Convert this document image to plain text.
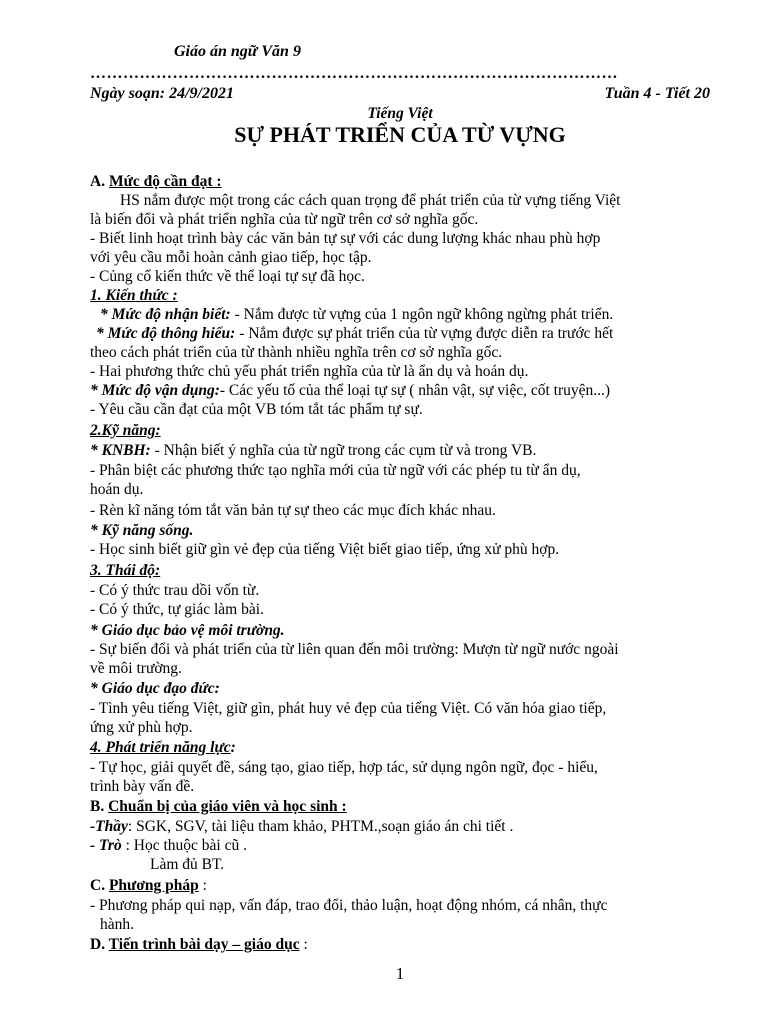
Giáo án ngữ Văn 9
……………………………………………………………………………………
Ngày soạn: 24/9/2021	Tuần 4 - Tiết 20
Tiếng Việt
SỰ PHÁT TRIỂN CỦA TỪ VỰNG
A. Mức độ cần đạt :
HS nắm được một trong các cách quan trọng để phát triển của từ vựng tiếng Việt
là biến đổi và phát triển nghĩa của từ ngữ trên cơ sở nghĩa gốc.
- Biết linh hoạt trình bày các văn bản tự sự với các dung lượng khác nhau phù hợp
với yêu cầu mỗi hoàn cảnh giao tiếp, học tập.
- Củng cố kiến thức về thể loại tự sự đã học.
1. Kiến thức :
* Mức độ nhận biết: - Nắm được từ vựng của 1 ngôn ngữ không ngừng phát triển.
* Mức độ thông hiểu: - Nắm được sự phát triển của từ vựng được diễn ra trước hết
theo cách phát triển của từ thành nhiều nghĩa trên cơ sở nghĩa gốc.
- Hai phương thức chủ yếu phát triển nghĩa của từ là ẩn dụ và hoán dụ.
* Mức độ vận dụng:- Các yếu tố của thể loại tự sự ( nhân vật, sự việc, cốt truyện...)
- Yêu cầu cần đạt của một VB tóm tắt tác phẩm tự sự.
2.Kỹ năng:
* KNBH: - Nhận biết ý nghĩa của từ ngữ trong các cụm từ và trong VB.
- Phân biệt các phương thức tạo nghĩa mới của từ ngữ với các phép tu từ ẩn dụ,
hoán dụ.
- Rèn kĩ năng tóm tắt văn bản tự sự theo các mục đích khác nhau.
* Kỹ năng sống.
- Học sinh biết giữ gìn vẻ đẹp của tiếng Việt biết giao tiếp, ứng xử phù hợp.
3. Thái độ:
- Có ý thức trau dồi vốn từ.
- Có ý thức, tự giác làm bài.
* Giáo dục bảo vệ môi trường.
- Sự biến đổi và phát triển của từ liên quan đến môi trường: Mượn từ ngữ nước ngoài
về môi trường.
* Giáo dục đạo đức:
- Tình yêu tiếng Việt, giữ gìn, phát huy vẻ đẹp của tiếng Việt. Có văn hóa giao tiếp,
ứng xử phù hợp.
4. Phát triển năng lực:
- Tự học, giải quyết đề, sáng tạo, giao tiếp, hợp tác, sử dụng ngôn ngữ, đọc - hiểu,
trình bày vấn đề.
B. Chuẩn bị của giáo viên và học sinh :
-Thầy: SGK, SGV, tài liệu tham khảo, PHTM.,soạn giáo án chi tiết .
- Trò : Học thuộc bài cũ .
Làm đủ BT.
C. Phương pháp :
- Phương pháp qui nạp, vấn đáp, trao đổi, thảo luận, hoạt động nhóm, cá nhân, thực
hành.
D. Tiến trình bài dạy – giáo dục :
1
